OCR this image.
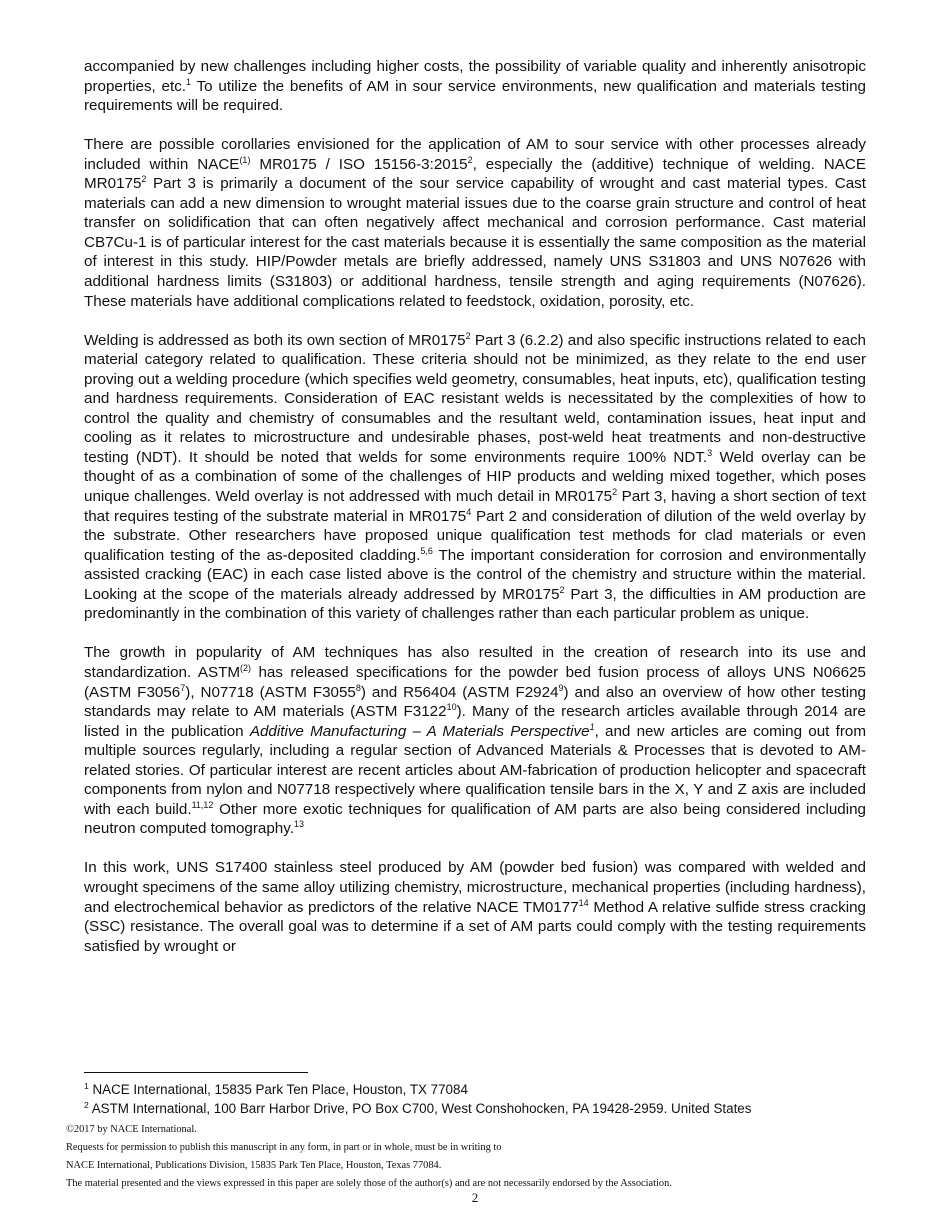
accompanied by new challenges including higher costs, the possibility of variable quality and inherently anisotropic properties, etc.$^1$ To utilize the benefits of AM in sour service environments, new qualification and materials testing requirements will be required.

There are possible corollaries envisioned for the application of AM to sour service with other processes already included within NACE$^{(1)}$ MR0175 / ISO 15156-3:2015$^2$, especially the (additive) technique of welding. NACE MR0175$^2$ Part 3 is primarily a document of the sour service capability of wrought and cast material types. Cast materials can add a new dimension to wrought material issues due to the coarse grain structure and control of heat transfer on solidification that can often negatively affect mechanical and corrosion performance. Cast material CB7Cu-1 is of particular interest for the cast materials because it is essentially the same composition as the material of interest in this study. HIP/Powder metals are briefly addressed, namely UNS S31803 and UNS N07626 with additional hardness limits (S31803) or additional hardness, tensile strength and aging requirements (N07626). These materials have additional complications related to feedstock, oxidation, porosity, etc.

Welding is addressed as both its own section of MR0175$^2$ Part 3 (6.2.2) and also specific instructions related to each material category related to qualification. These criteria should not be minimized, as they relate to the end user proving out a welding procedure (which specifies weld geometry, consumables, heat inputs, etc), qualification testing and hardness requirements. Consideration of EAC resistant welds is necessitated by the complexities of how to control the quality and chemistry of consumables and the resultant weld, contamination issues, heat input and cooling as it relates to microstructure and undesirable phases, post-weld heat treatments and non-destructive testing (NDT). It should be noted that welds for some environments require 100% NDT.$^3$ Weld overlay can be thought of as a combination of some of the challenges of HIP products and welding mixed together, which poses unique challenges. Weld overlay is not addressed with much detail in MR0175$^2$ Part 3, having a short section of text that requires testing of the substrate material in MR0175$^4$ Part 2 and consideration of dilution of the weld overlay by the substrate. Other researchers have proposed unique qualification test methods for clad materials or even qualification testing of the as-deposited cladding.$^{5,6}$ The important consideration for corrosion and environmentally assisted cracking (EAC) in each case listed above is the control of the chemistry and structure within the material. Looking at the scope of the materials already addressed by MR0175$^2$ Part 3, the difficulties in AM production are predominantly in the combination of this variety of challenges rather than each particular problem as unique.

The growth in popularity of AM techniques has also resulted in the creation of research into its use and standardization. ASTM$^{(2)}$ has released specifications for the powder bed fusion process of alloys UNS N06625 (ASTM F3056$^7$), N07718 (ASTM F3055$^8$) and R56404 (ASTM F2924$^9$) and also an overview of how other testing standards may relate to AM materials (ASTM F3122$^{10}$). Many of the research articles available through 2014 are listed in the publication Additive Manufacturing – A Materials Perspective$^1$, and new articles are coming out from multiple sources regularly, including a regular section of Advanced Materials & Processes that is devoted to AM-related stories. Of particular interest are recent articles about AM-fabrication of production helicopter and spacecraft components from nylon and N07718 respectively where qualification tensile bars in the X, Y and Z axis are included with each build.$^{11,12}$ Other more exotic techniques for qualification of AM parts are also being considered including neutron computed tomography.$^{13}$

In this work, UNS S17400 stainless steel produced by AM (powder bed fusion) was compared with welded and wrought specimens of the same alloy utilizing chemistry, microstructure, mechanical properties (including hardness), and electrochemical behavior as predictors of the relative NACE TM0177$^{14}$ Method A relative sulfide stress cracking (SSC) resistance. The overall goal was to determine if a set of AM parts could comply with the testing requirements satisfied by wrought or

$^1$ NACE International, 15835 Park Ten Place, Houston, TX 77084
$^2$ ASTM International, 100 Barr Harbor Drive, PO Box C700, West Conshohocken, PA 19428-2959. United States
©2017 by NACE International.
Requests for permission to publish this manuscript in any form, in part or in whole, must be in writing to
NACE International, Publications Division, 15835 Park Ten Place, Houston, Texas 77084.
The material presented and the views expressed in this paper are solely those of the author(s) and are not necessarily endorsed by the Association.
2
